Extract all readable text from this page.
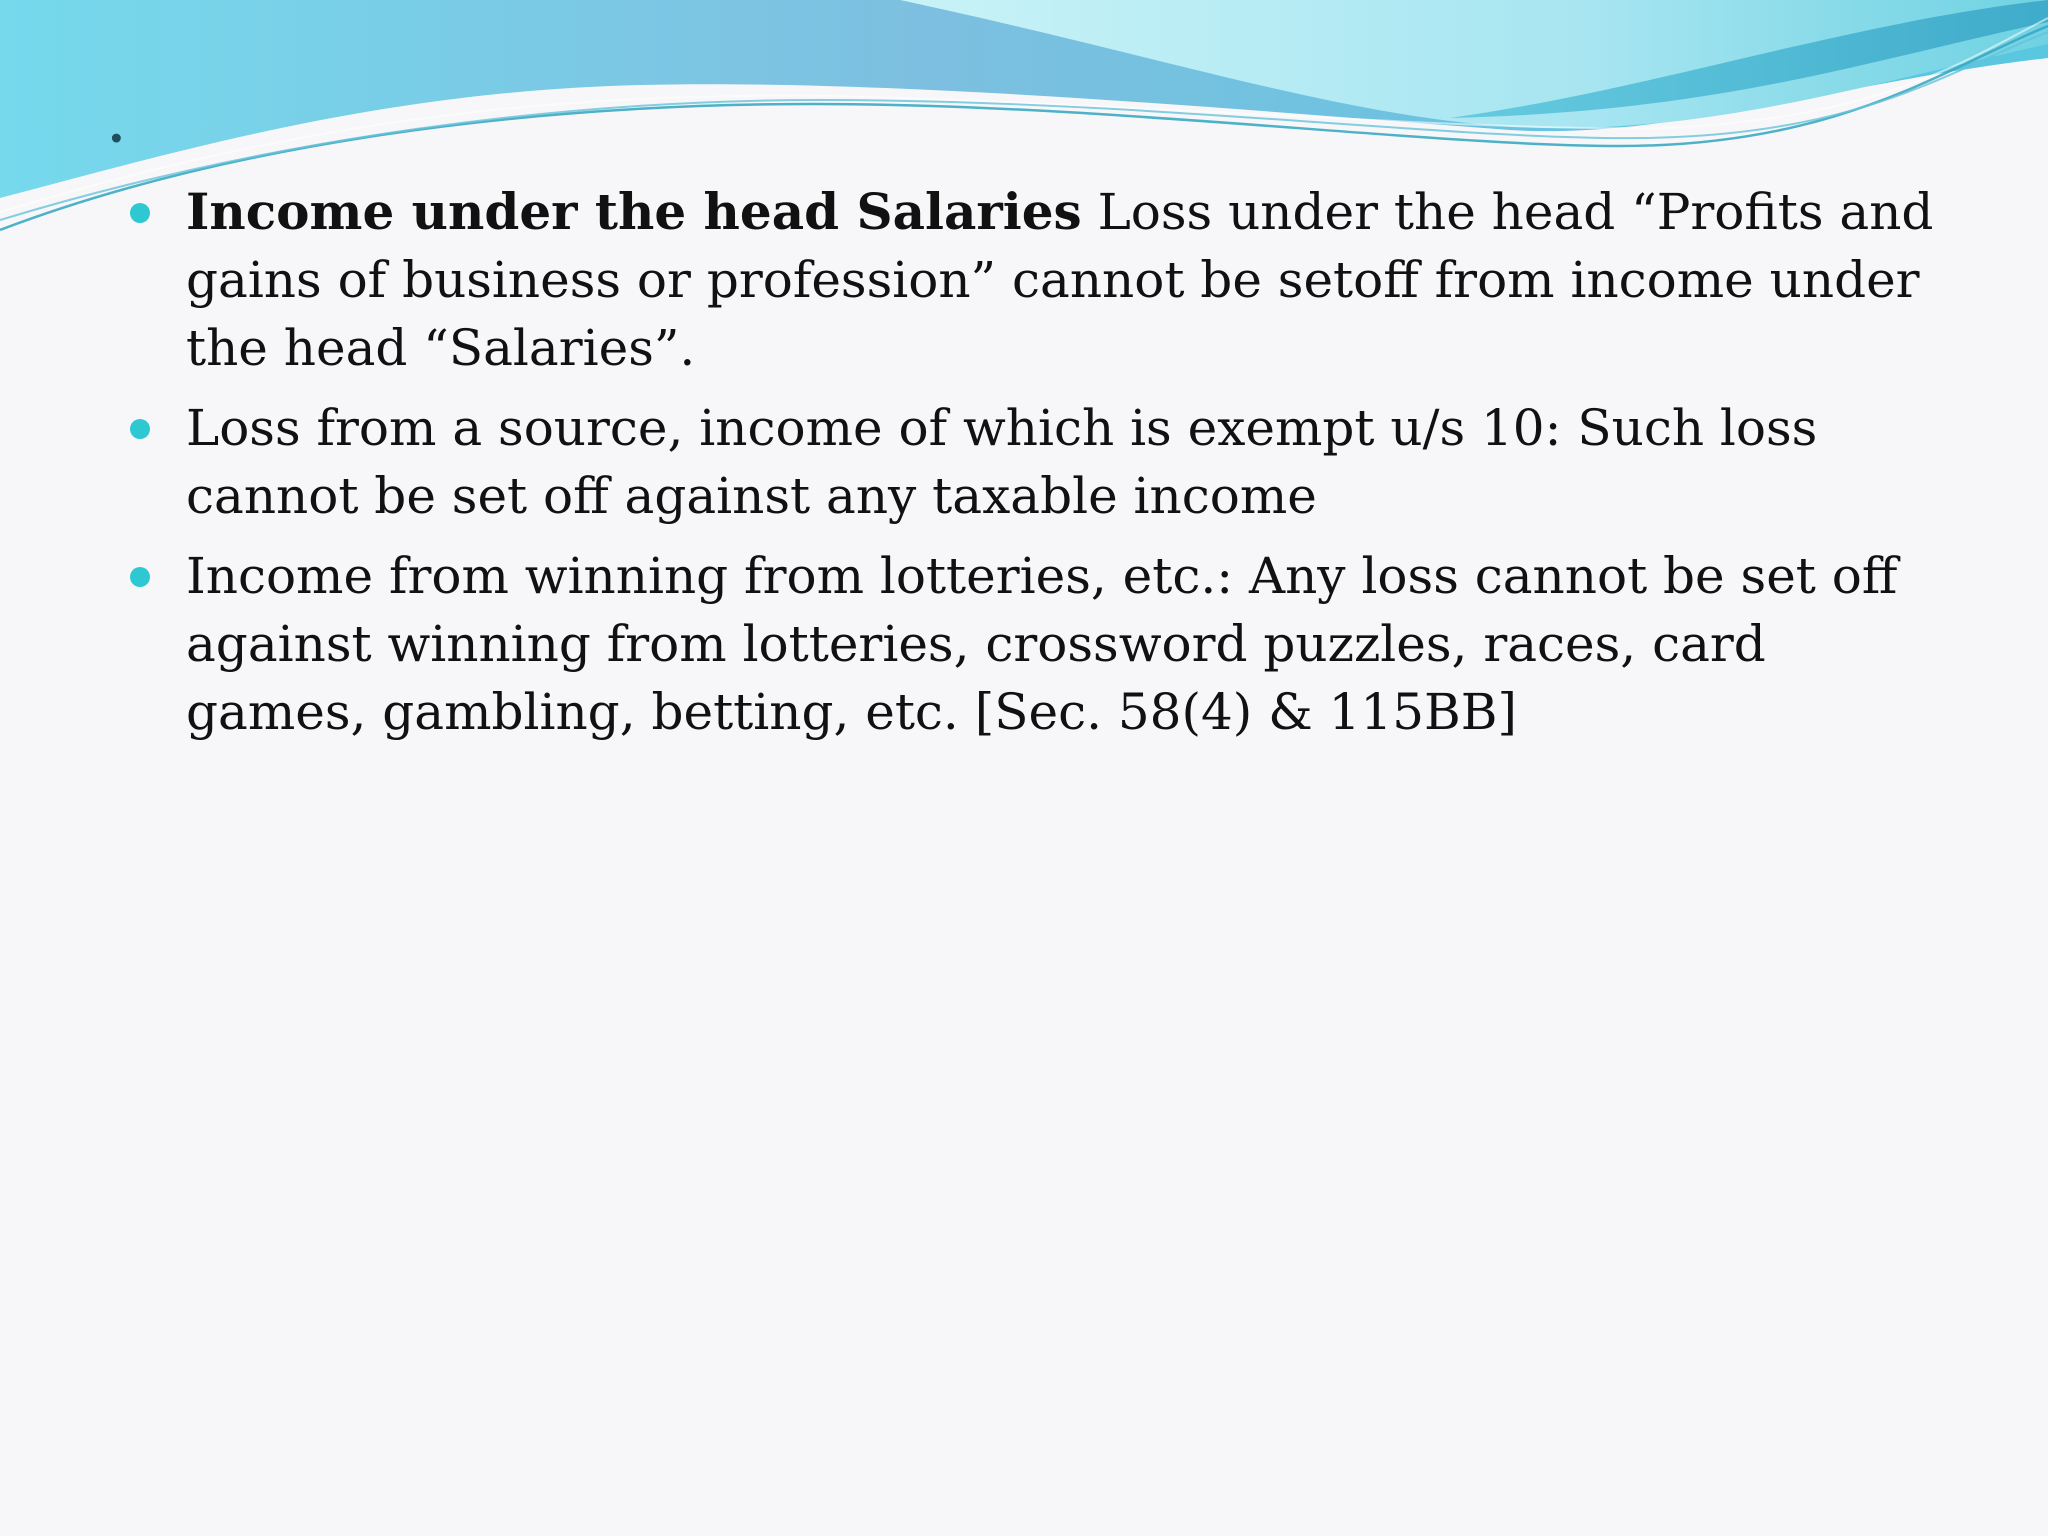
.
Income under the head Salaries Loss under the head “Profits and gains of business or profession” cannot be setoff from income under the head “Salaries”.
Loss from a source, income of which is exempt u/s 10: Such loss cannot be set off against any taxable income
Income from winning from lotteries, etc.: Any loss cannot be set off against winning from lotteries, crossword puzzles, races, card games, gambling, betting, etc. [Sec. 58(4) & 115BB]
